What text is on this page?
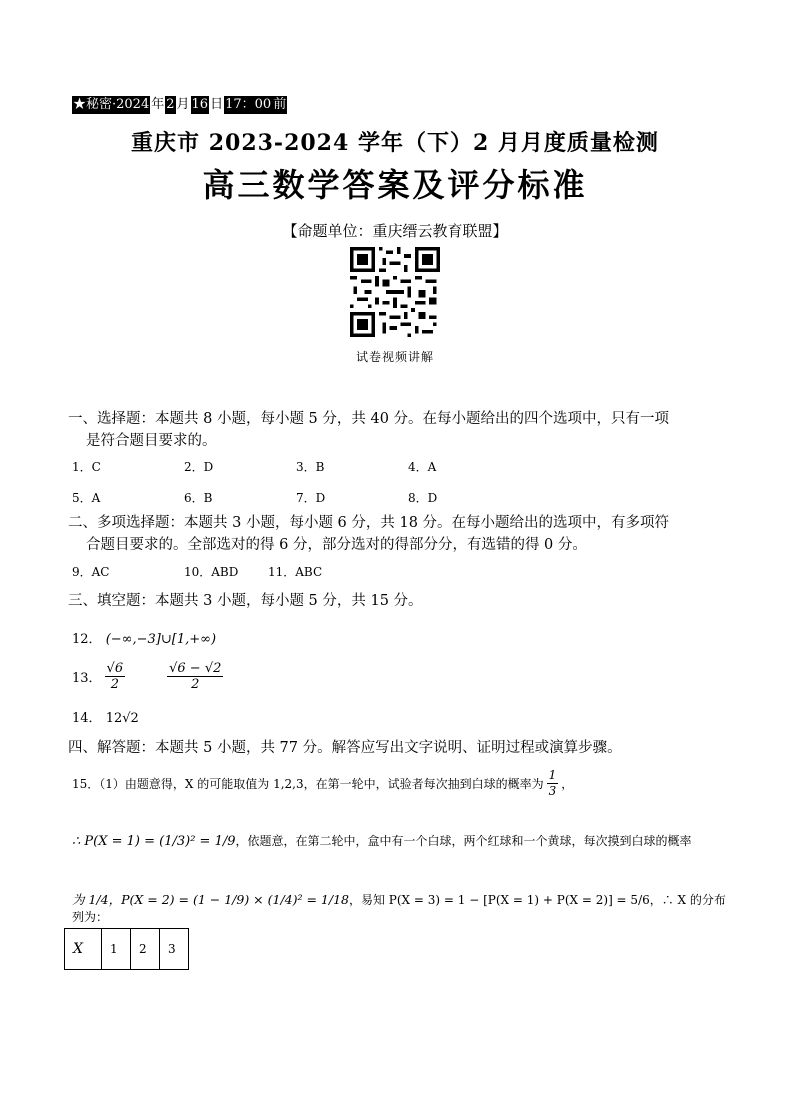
★秘密·2024 年 2 月 16 日 17：00 前
重庆市 2023-2024 学年（下）2 月月度质量检测
高三数学答案及评分标准
【命题单位：重庆缙云教育联盟】
试卷视频讲解
一、选择题：本题共 8 小题，每小题 5 分，共 40 分。在每小题给出的四个选项中，只有一项
是符合题目要求的。
1．C	2．D	3．B	4．A
5．A	6．B	7．D	8．D
二、多项选择题：本题共 3 小题，每小题 6 分，共 18 分。在每小题给出的选项中，有多项符
合题目要求的。全部选对的得 6 分，部分选对的得部分分，有选错的得 0 分。
9．AC	10．ABD 11．ABC
三、填空题：本题共 3 小题，每小题 5 分，共 15 分。
12． (−∞,−3]∪[1,+∞)
13． $\frac{√6}{2}$	$\frac{√6 - √2}{2}$
14． 12√2
四、解答题：本题共 5 小题，共 77 分。解答应写出文字说明、证明过程或演算步骤。
15．（1）由题意得，X 的可能取值为 1,2,3，在第一轮中，试验者每次抽到白球的概率为 $\frac{1}{3}$ ，
∴ P(X = 1) = (1/3)² = 1/9，依题意，在第二轮中，盒中有一个白球，两个红球和一个黄球，每次摸到白球的概率
为 1/4，P(X = 2) = (1 − 1/9) × (1/4)² = 1/18，易知 P(X = 3) = 1 − [P(X = 1) + P(X = 2)] = 5/6，∴ X 的分布列为：
X	1	2	3
